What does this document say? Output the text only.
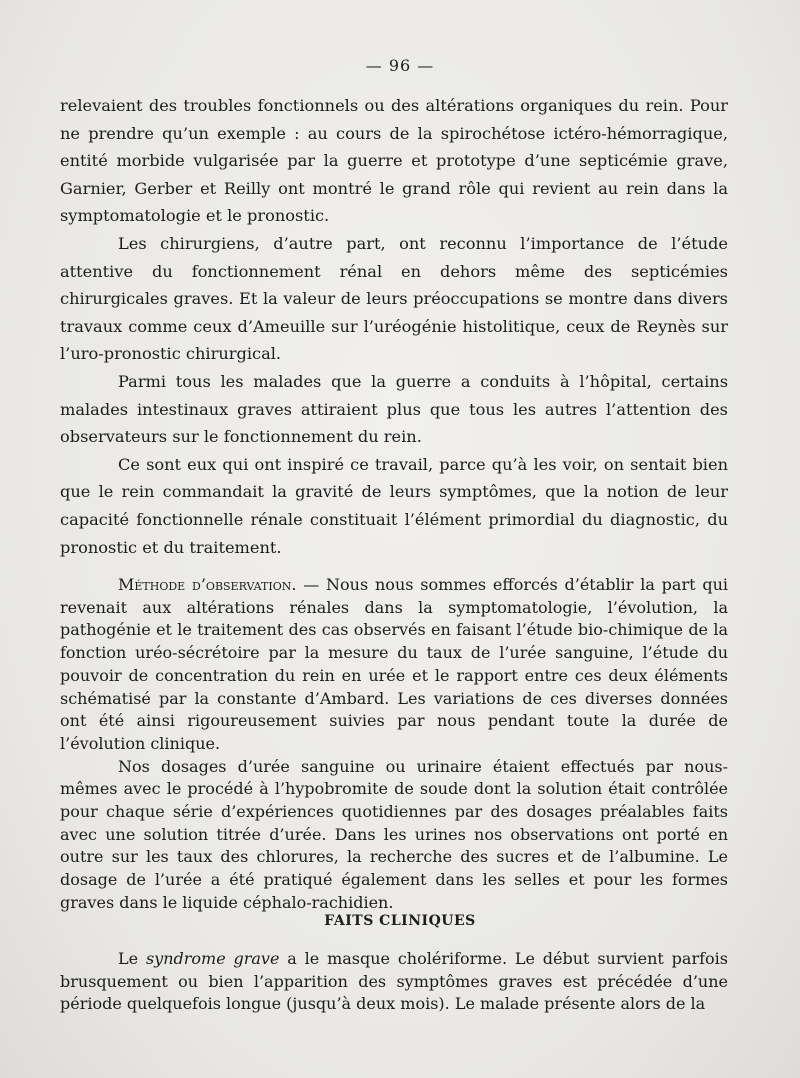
— 96 —

relevaient des troubles fonctionnels ou des altérations organiques du rein. Pour ne prendre qu’un exemple : au cours de la spirochétose ictéro-hémorragique, entité morbide vulgarisée par la guerre et prototype d’une septicémie grave, Garnier, Gerber et Reilly ont montré le grand rôle qui revient au rein dans la symptomatologie et le pronostic.

Les chirurgiens, d’autre part, ont reconnu l’importance de l’étude attentive du fonctionnement rénal en dehors même des septicémies chirurgicales graves. Et la valeur de leurs préoccupations se montre dans divers travaux comme ceux d’Ameuille sur l’uréogénie histolitique, ceux de Reynès sur l’uro-pronostic chirurgical.

Parmi tous les malades que la guerre a conduits à l’hôpital, certains malades intestinaux graves attiraient plus que tous les autres l’attention des observateurs sur le fonctionnement du rein.

Ce sont eux qui ont inspiré ce travail, parce qu’à les voir, on sentait bien que le rein commandait la gravité de leurs symptômes, que la notion de leur capacité fonctionnelle rénale constituait l’élément primordial du diagnostic, du pronostic et du traitement.

Méthode d’observation. — Nous nous sommes efforcés d’établir la part qui revenait aux altérations rénales dans la symptomatologie, l’évolution, la pathogénie et le traitement des cas observés en faisant l’étude bio-chimique de la fonction uréo-sécrétoire par la mesure du taux de l’urée sanguine, l’étude du pouvoir de concentration du rein en urée et le rapport entre ces deux éléments schématisé par la constante d’Ambard. Les variations de ces diverses données ont été ainsi rigoureusement suivies par nous pendant toute la durée de l’évolution clinique.

Nos dosages d’urée sanguine ou urinaire étaient effectués par nous-mêmes avec le procédé à l’hypobromite de soude dont la solution était contrôlée pour chaque série d’expériences quotidiennes par des dosages préalables faits avec une solution titrée d’urée. Dans les urines nos observations ont porté en outre sur les taux des chlorures, la recherche des sucres et de l’albumine. Le dosage de l’urée a été pratiqué également dans les selles et pour les formes graves dans le liquide céphalo-rachidien.

FAITS CLINIQUES

Le syndrome grave a le masque cholériforme. Le début survient parfois brusquement ou bien l’apparition des symptômes graves est précédée d’une période quelquefois longue (jusqu’à deux mois). Le malade présente alors de la
